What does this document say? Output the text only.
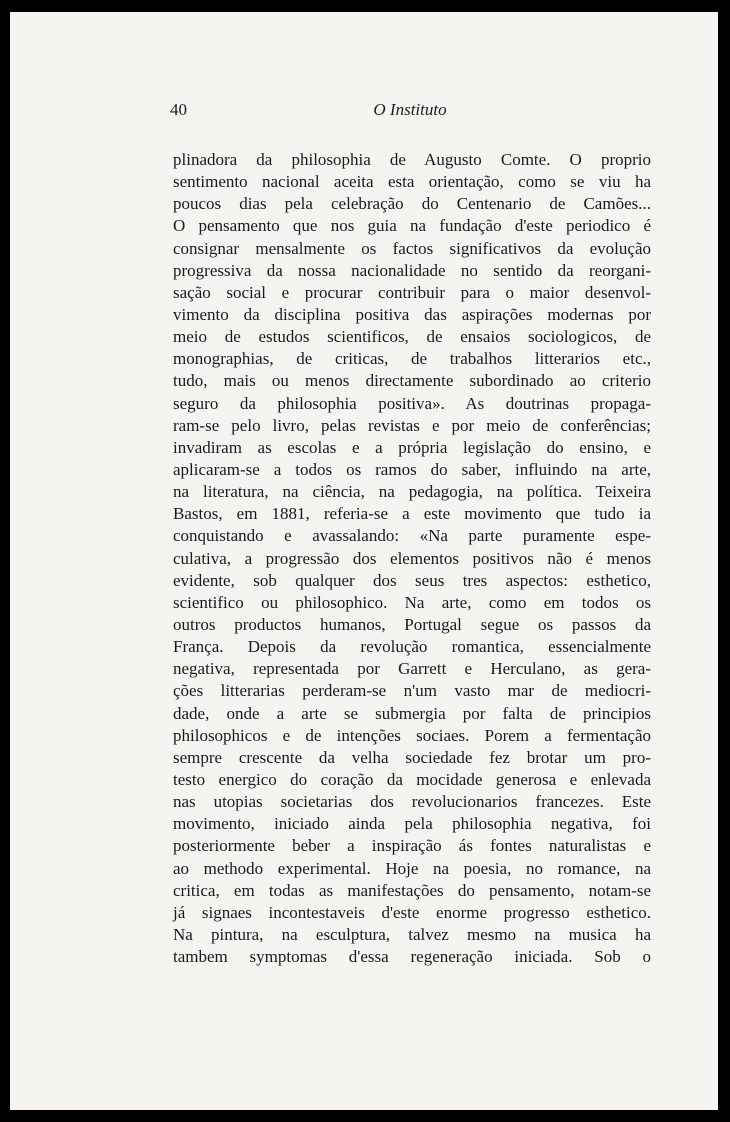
40	O Instituto
plinadora da philosophia de Augusto Comte. O proprio
sentimento nacional aceita esta orientação, como se viu ha
poucos dias pela celebração do Centenario de Camões...
O pensamento que nos guia na fundação d'este periodico é
consignar mensalmente os factos significativos da evolução
progressiva da nossa nacionalidade no sentido da reorgani-
sação social e procurar contribuir para o maior desenvol-
vimento da disciplina positiva das aspirações modernas por
meio de estudos scientificos, de ensaios sociologicos, de
monographias, de criticas, de trabalhos litterarios etc.,
tudo, mais ou menos directamente subordinado ao criterio
seguro da philosophia positiva». As doutrinas propaga-
ram-se pelo livro, pelas revistas e por meio de conferências;
invadiram as escolas e a própria legislação do ensino, e
aplicaram-se a todos os ramos do saber, influindo na arte,
na literatura, na ciência, na pedagogia, na política. Teixeira
Bastos, em 1881, referia-se a este movimento que tudo ia
conquistando e avassalando: «Na parte puramente espe-
culativa, a progressão dos elementos positivos não é menos
evidente, sob qualquer dos seus tres aspectos: esthetico,
scientifico ou philosophico. Na arte, como em todos os
outros productos humanos, Portugal segue os passos da
França. Depois da revolução romantica, essencialmente
negativa, representada por Garrett e Herculano, as gera-
ções litterarias perderam-se n'um vasto mar de mediocri-
dade, onde a arte se submergia por falta de principios
philosophicos e de intenções sociaes. Porem a fermentação
sempre crescente da velha sociedade fez brotar um pro-
testo energico do coração da mocidade generosa e enlevada
nas utopias societarias dos revolucionarios francezes. Este
movimento, iniciado ainda pela philosophia negativa, foi
posteriormente beber a inspiração ás fontes naturalistas e
ao methodo experimental. Hoje na poesia, no romance, na
critica, em todas as manifestações do pensamento, notam-se
já signaes incontestaveis d'este enorme progresso esthetico.
Na pintura, na esculptura, talvez mesmo na musica ha
tambem symptomas d'essa regeneração iniciada. Sob o
